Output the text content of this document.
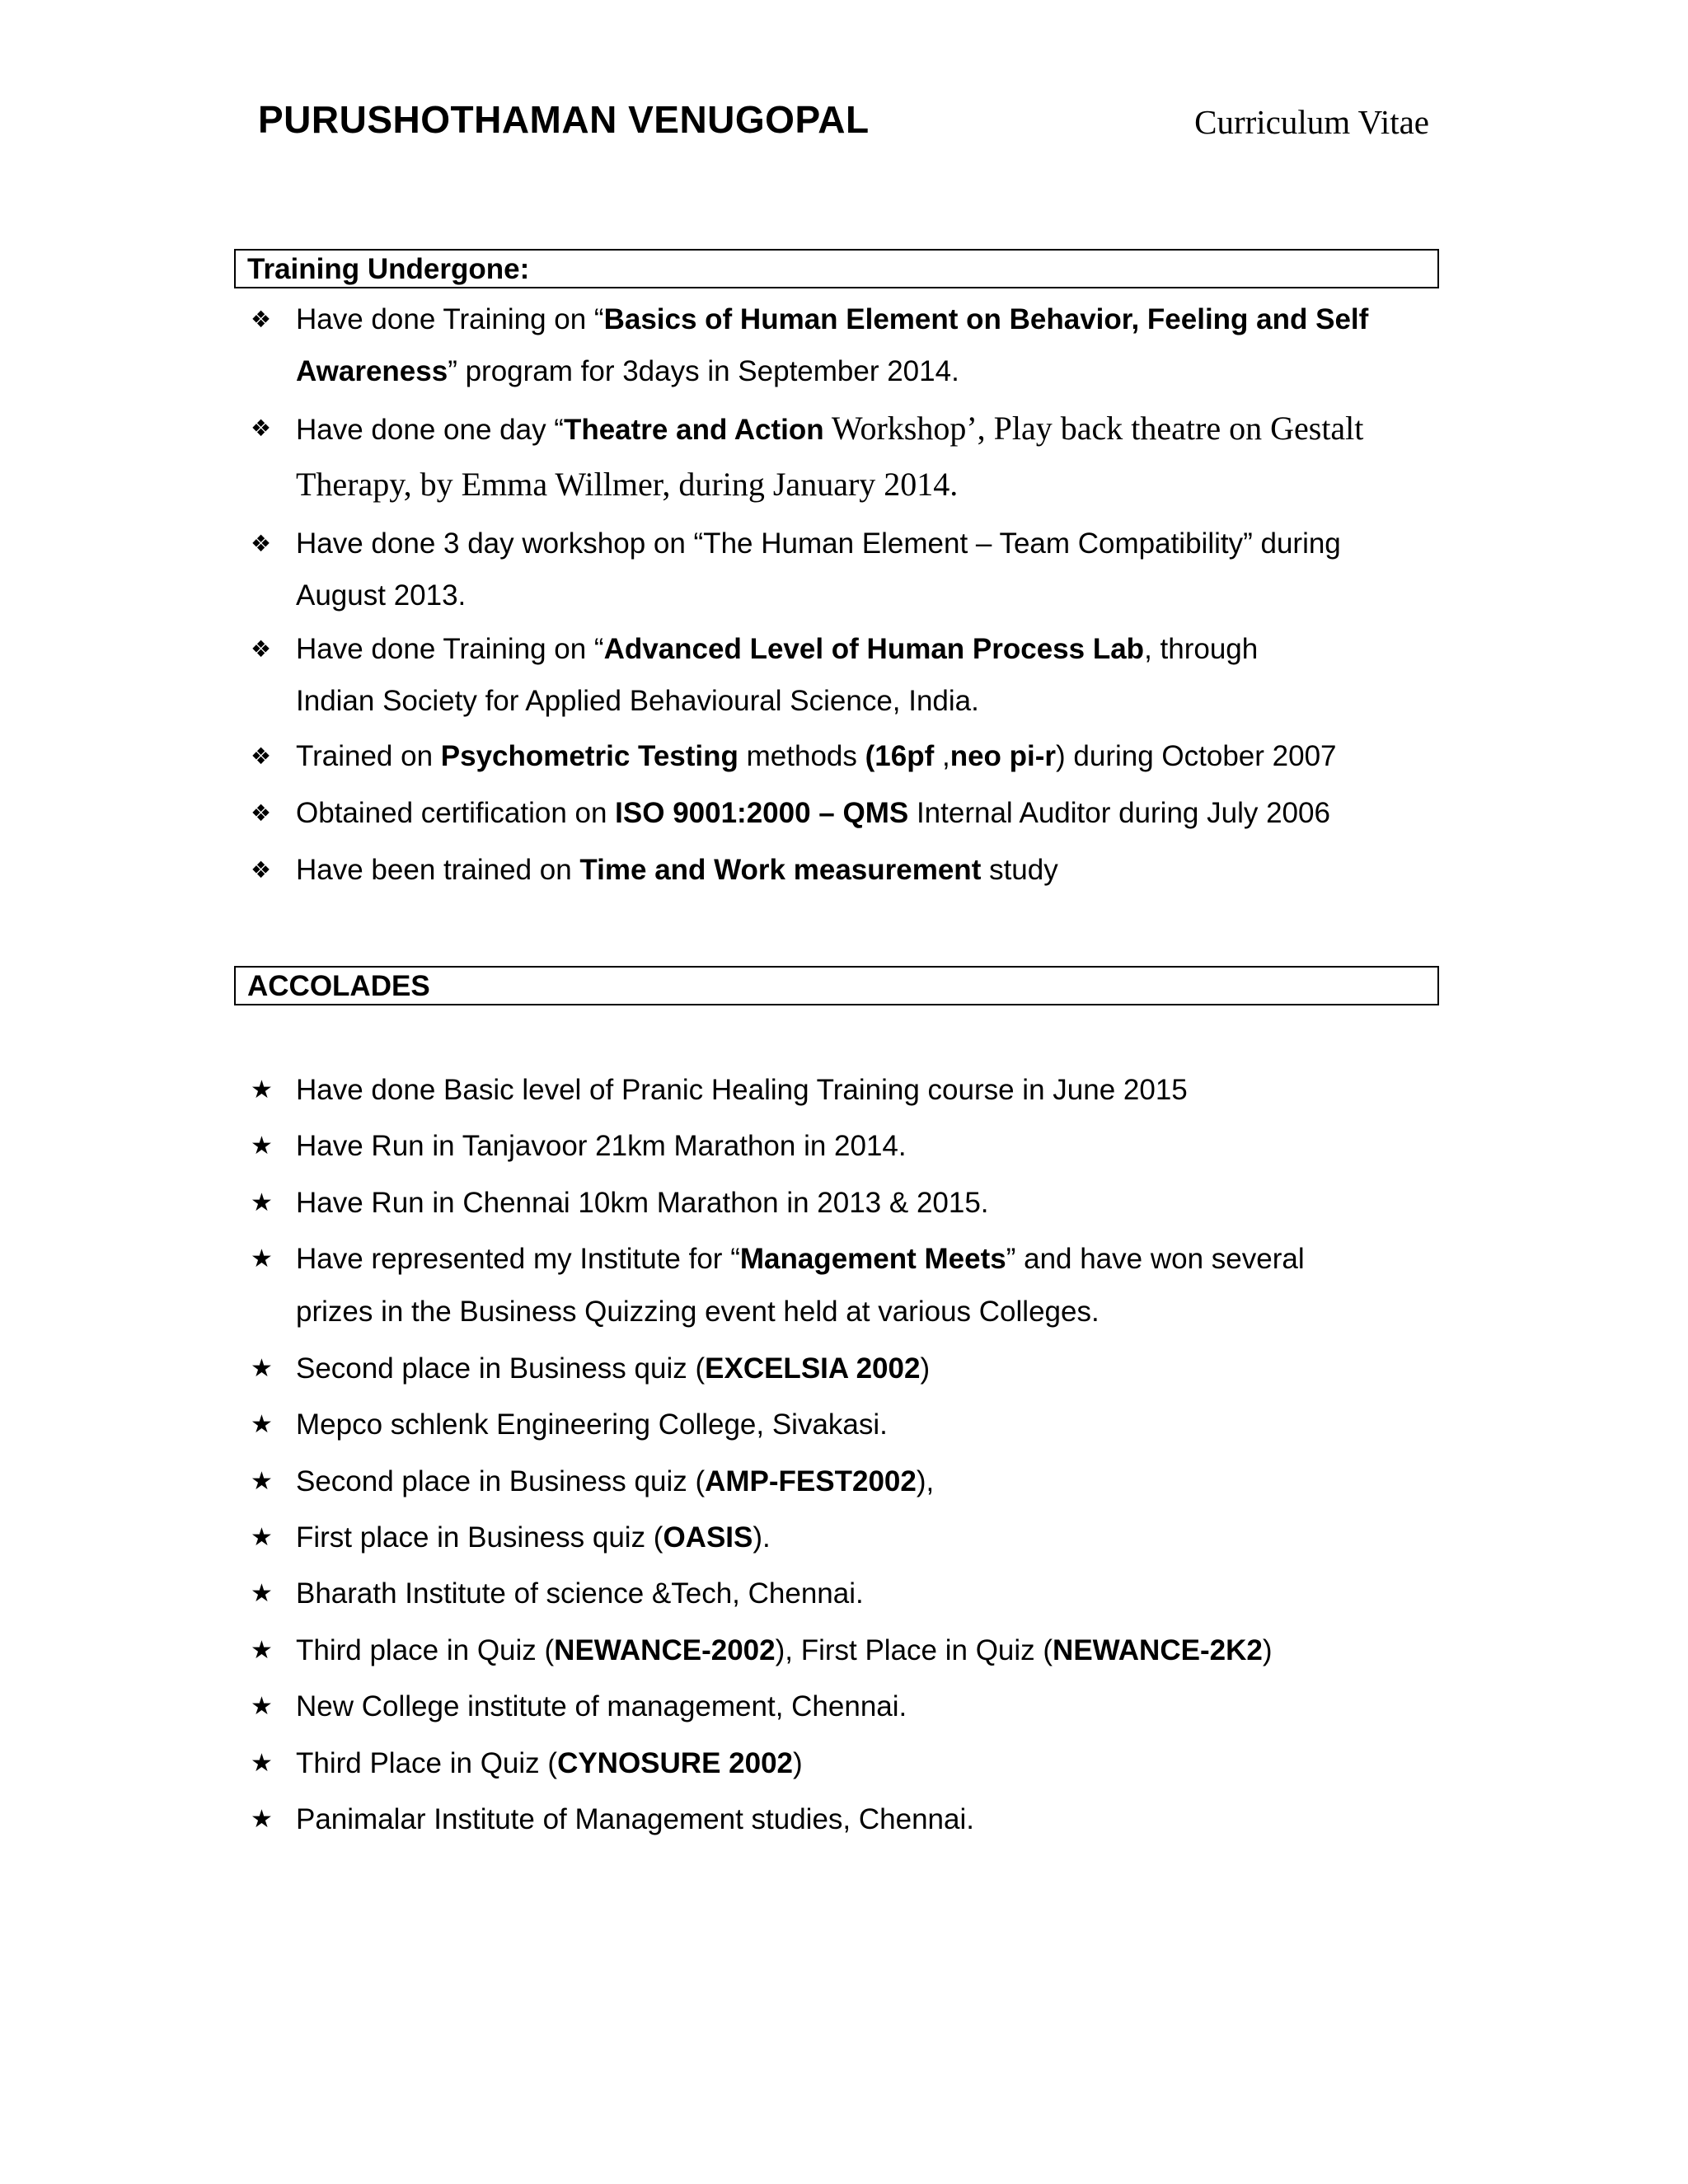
PURUSHOTHAMAN VENUGOPAL	Curriculum Vitae
Training Undergone:
❖ Have done Training on “Basics of Human Element on Behavior, Feeling and Self
Awareness” program for 3days in September 2014.
❖ Have done one day “Theatre and Action Workshop’, Play back theatre on Gestalt
Therapy, by Emma Willmer, during January 2014.
❖ Have done 3 day workshop on “The Human Element – Team Compatibility” during
August 2013.
❖ Have done Training on “Advanced Level of Human Process Lab, through
Indian Society for Applied Behavioural Science, India.
❖ Trained on Psychometric Testing methods (16pf ,neo pi-r) during October 2007
❖ Obtained certification on ISO 9001:2000 – QMS Internal Auditor during July 2006
❖ Have been trained on Time and Work measurement study
ACCOLADES
★ Have done Basic level of Pranic Healing Training course in June 2015
★ Have Run in Tanjavoor 21km Marathon in 2014.
★ Have Run in Chennai 10km Marathon in 2013 & 2015.
★ Have represented my Institute for “Management Meets” and have won several
prizes in the Business Quizzing event held at various Colleges.
★ Second place in Business quiz (EXCELSIA 2002)
★ Mepco schlenk Engineering College, Sivakasi.
★ Second place in Business quiz (AMP-FEST2002),
★ First place in Business quiz (OASIS).
★ Bharath Institute of science &Tech, Chennai.
★ Third place in Quiz (NEWANCE-2002), First Place in Quiz (NEWANCE-2K2)
★ New College institute of management, Chennai.
★ Third Place in Quiz (CYNOSURE 2002)
★ Panimalar Institute of Management studies, Chennai.
